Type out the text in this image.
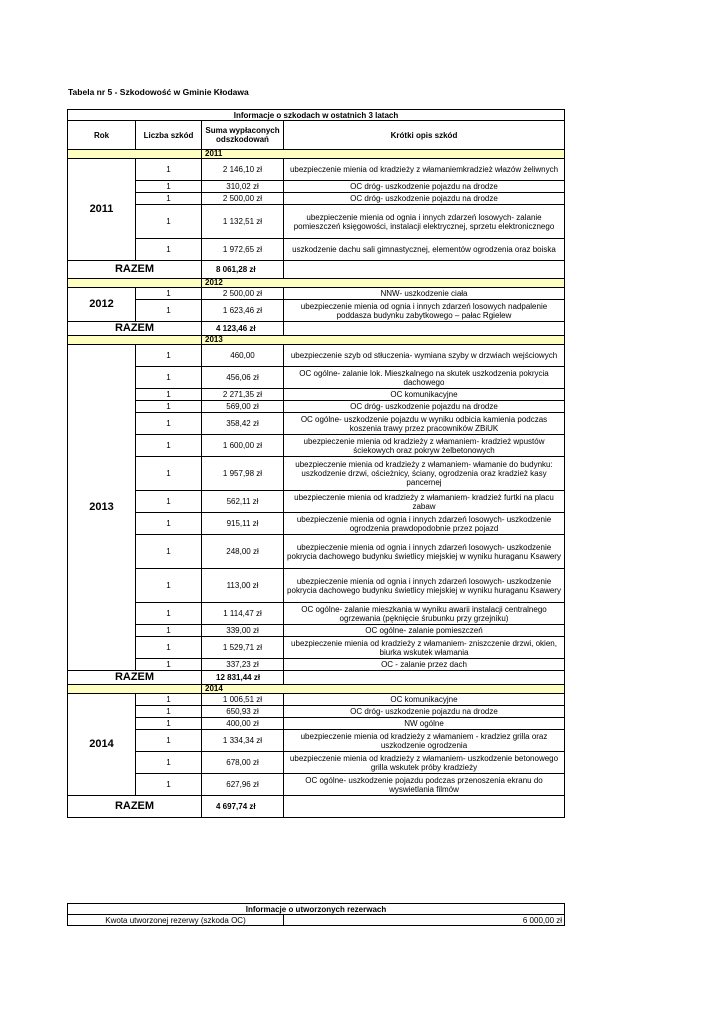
Tabela nr 5 - Szkodowość w Gminie Kłodawa
Informacje o szkodach w ostatnich 3 latach			
Rok	Liczba szkód	Suma wypłaconych odszkodowań	Krótki opis szkód
		2011	
2011	1	2 146,10 zł	ubezpieczenie mienia od kradzieży z włamaniemkradzież włazów żeliwnych
	1	310,02 zł	OC dróg- uszkodzenie pojazdu na drodze
	1	2 500,00 zł	OC dróg- uszkodzenie pojazdu na drodze
	1	1 132,51 zł	ubezpieczenie mienia od ognia i innych zdarzeń losowych- zalanie pomieszczeń księgowości, instalacji elektrycznej, sprzetu elektronicznego
	1	1 972,65 zł	uszkodzenie dachu sali gimnastycznej, elementów ogrodzenia oraz boiska
RAZEM		8 061,28 zł	
		2012	
2012	1	2 500,00 zł	NNW- uszkodzenie ciała
	1	1 623,46 zł	ubezpieczenie mienia od ognia i innych zdarzeń losowych nadpalenie poddasza budynku zabytkowego – pałac Rgielew
RAZEM		4 123,46 zł	
		2013	
2013	1	460,00	ubezpieczenie szyb od stłuczenia- wymiana szyby w drzwiach wejściowych
	1	456,06 zł	OC ogólne- zalanie lok. Mieszkalnego na skutek uszkodzenia pokrycia dachowego
	1	2 271,35 zł	OC komunikacyjne
	1	569,00 zł	OC dróg- uszkodzenie pojazdu na drodze
	1	358,42 zł	OC ogólne- uszkodzenie pojazdu w wyniku odbicia kamienia podczas koszenia trawy przez pracowników ZBiUK
	1	1 600,00 zł	ubezpieczenie mienia od kradzieży z włamaniem- kradzież wpustów ściekowych oraz pokryw żelbetonowych
	1	1 957,98 zł	ubezpieczenie mienia od kradzieży z włamaniem- włamanie do budynku: uszkodzenie drzwi, ościeżnicy, ściany, ogrodzenia oraz kradzież kasy pancernej
	1	562,11 zł	ubezpieczenie mienia od kradzieży z włamaniem- kradzież furtki na placu zabaw
	1	915,11 zł	ubezpieczenie mienia od ognia i innych zdarzeń losowych- uszkodzenie ogrodzenia prawdopodobnie przez pojazd
	1	248,00 zł	ubezpieczenie mienia od ognia i innych zdarzeń losowych- uszkodzenie pokrycia dachowego budynku świetlicy miejskiej w wyniku huraganu Ksawery
	1	113,00 zł	ubezpieczenie mienia od ognia i innych zdarzeń losowych- uszkodzenie pokrycia dachowego budynku świetlicy miejskiej w wyniku huraganu Ksawery
	1	1 114,47 zł	OC ogólne- zalanie mieszkania w wyniku awarii instalacji centralnego ogrzewania (pęknięcie śrubunku przy grzejniku)
	1	339,00 zł	OC ogólne- zalanie pomieszczeń
	1	1 529,71 zł	ubezpieczenie mienia od kradzieży z włamaniem- zniszczenie drzwi, okien, biurka wskutek włamania
	1	337,23 zł	OC - zalanie przez dach
RAZEM		12 831,44 zł	
		2014	
2014	1	1 006,51 zł	OC komunikacyjne
	1	650,93 zł	OC dróg- uszkodzenie pojazdu na drodze
	1	400,00 zł	NW ogólne
	1	1 334,34 zł	ubezpieczenie mienia od kradzieży z włamaniem - kradziez grilla oraz uszkodzenie ogrodzenia
	1	678,00 zł	ubezpieczenie mienia od kradzieży z włamaniem- uszkodzenie betonowego grilla wskutek próby kradzieży
	1	627,96 zł	OC ogólne- uszkodzenie pojazdu podczas przenoszenia ekranu do wyswietlania filmów
RAZEM		4 697,74 zł	
Informacje o utworzonych rezerwach
Kwota utworzonej rezerwy (szkoda OC)	6 000,00 zł
